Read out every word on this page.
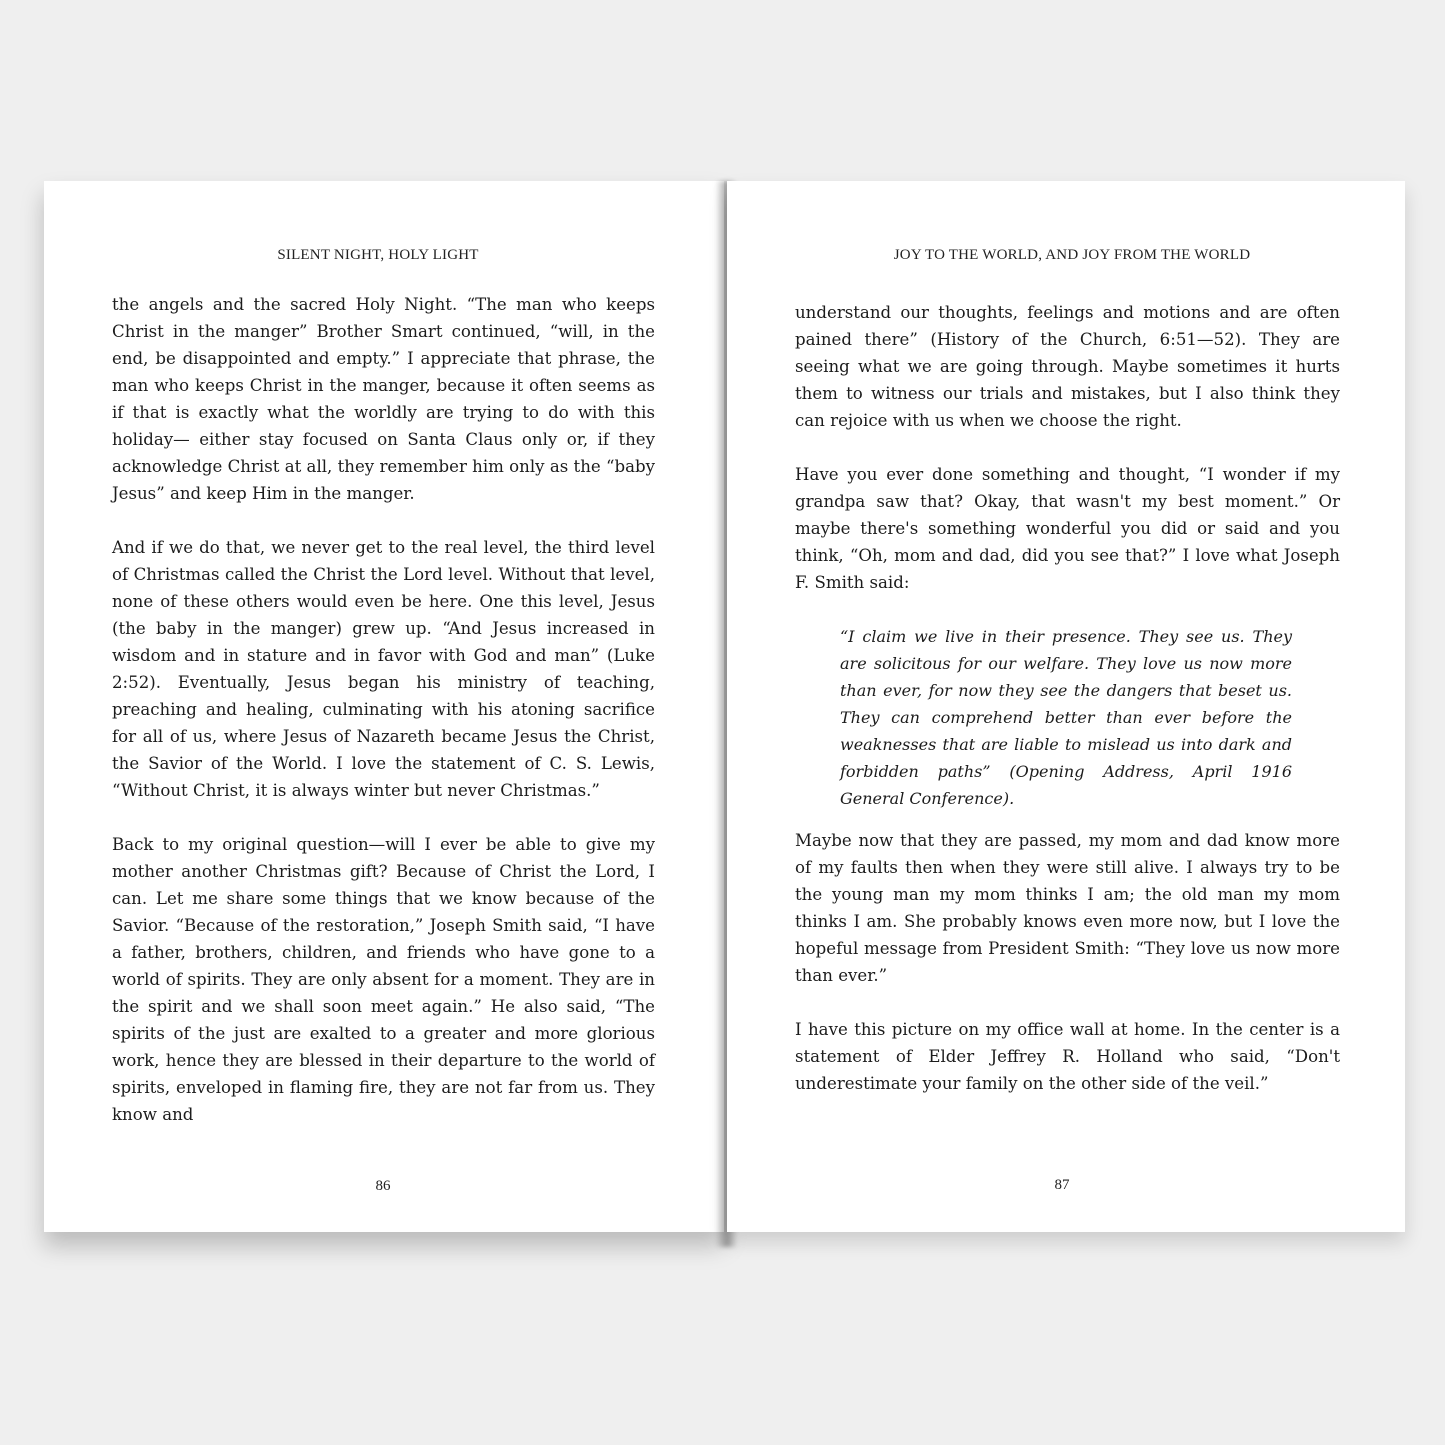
SILENT NIGHT, HOLY LIGHT

the angels and the sacred Holy Night. “The man who keeps Christ in the manger” Brother Smart continued, “will, in the end, be disappointed and empty.” I appreciate that phrase, the man who keeps Christ in the manger, because it often seems as if that is exactly what the worldly are trying to do with this holiday— either stay focused on Santa Claus only or, if they acknowledge Christ at all, they remember him only as the “baby Jesus” and keep Him in the manger.

And if we do that, we never get to the real level, the third level of Christmas called the Christ the Lord level. Without that level, none of these others would even be here. One this level, Jesus (the baby in the manger) grew up. “And Jesus increased in wisdom and in stature and in favor with God and man” (Luke 2:52). Eventually, Jesus began his ministry of teaching, preaching and healing, culminating with his atoning sacrifice for all of us, where Jesus of Nazareth became Jesus the Christ, the Savior of the World. I love the statement of C. S. Lewis, “Without Christ, it is always winter but never Christmas.”

Back to my original question—will I ever be able to give my mother another Christmas gift? Because of Christ the Lord, I can. Let me share some things that we know because of the Savior. “Because of the restoration,” Joseph Smith said, “I have a father, brothers, children, and friends who have gone to a world of spirits. They are only absent for a moment. They are in the spirit and we shall soon meet again.” He also said, “The spirits of the just are exalted to a greater and more glorious work, hence they are blessed in their departure to the world of spirits, enveloped in flaming fire, they are not far from us. They know and

86
JOY TO THE WORLD, AND JOY FROM THE WORLD

understand our thoughts, feelings and motions and are often pained there” (History of the Church, 6:51—52). They are seeing what we are going through. Maybe sometimes it hurts them to witness our trials and mistakes, but I also think they can rejoice with us when we choose the right.

Have you ever done something and thought, “I wonder if my grandpa saw that? Okay, that wasn't my best moment.” Or maybe there's something wonderful you did or said and you think, “Oh, mom and dad, did you see that?” I love what Joseph F. Smith said:

“I claim we live in their presence. They see us. They are solicitous for our welfare. They love us now more than ever, for now they see the dangers that beset us. They can comprehend better than ever before the weaknesses that are liable to mislead us into dark and forbidden paths” (Opening Address, April 1916 General Conference).

Maybe now that they are passed, my mom and dad know more of my faults then when they were still alive. I always try to be the young man my mom thinks I am; the old man my mom thinks I am. She probably knows even more now, but I love the hopeful message from President Smith: “They love us now more than ever.”

I have this picture on my office wall at home. In the center is a statement of Elder Jeffrey R. Holland who said, “Don't underestimate your family on the other side of the veil.”

87
